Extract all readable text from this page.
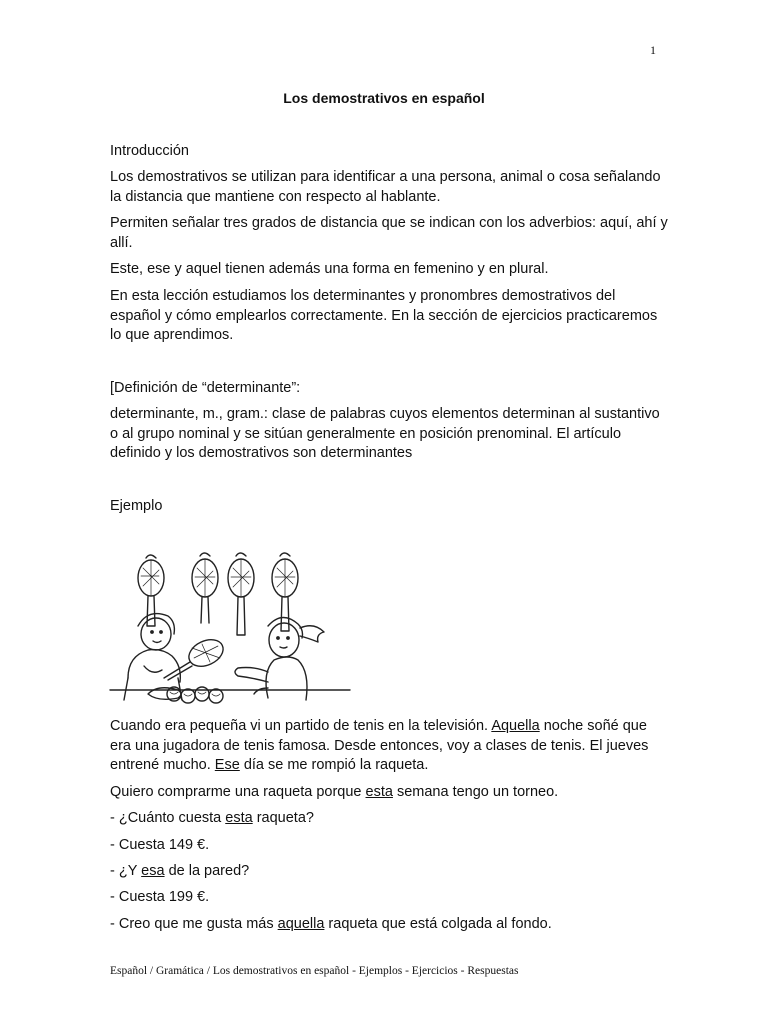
1
Los demostrativos en español

Introducción

Los demostrativos se utilizan para identificar a una persona, animal o cosa señalando la distancia que mantiene con respecto al hablante.

Permiten señalar tres grados de distancia que se indican con los adverbios: aquí, ahí y allí.

Este, ese y aquel tienen además una forma en femenino y en plural.

En esta lección estudiamos los determinantes y pronombres demostrativos del español y cómo emplearlos correctamente. En la sección de ejercicios practicaremos lo que aprendimos.

[Definición de “determinante”:

determinante, m., gram.: clase de palabras cuyos elementos determinan al sustantivo o al grupo nominal y se sitúan generalmente en posición prenominal. El artículo definido y los demostrativos son determinantes

Ejemplo

Cuando era pequeña vi un partido de tenis en la televisión. Aquella noche soñé que era una jugadora de tenis famosa. Desde entonces, voy a clases de tenis. El jueves entrené mucho. Ese día se me rompió la raqueta.

Quiero comprarme una raqueta porque esta semana tengo un torneo.

- ¿Cuánto cuesta esta raqueta?

- Cuesta 149 €.

- ¿Y esa de la pared?

- Cuesta 199 €.

- Creo que me gusta más aquella raqueta que está colgada al fondo.

Español / Gramática / Los demostrativos en español - Ejemplos - Ejercicios - Respuestas
